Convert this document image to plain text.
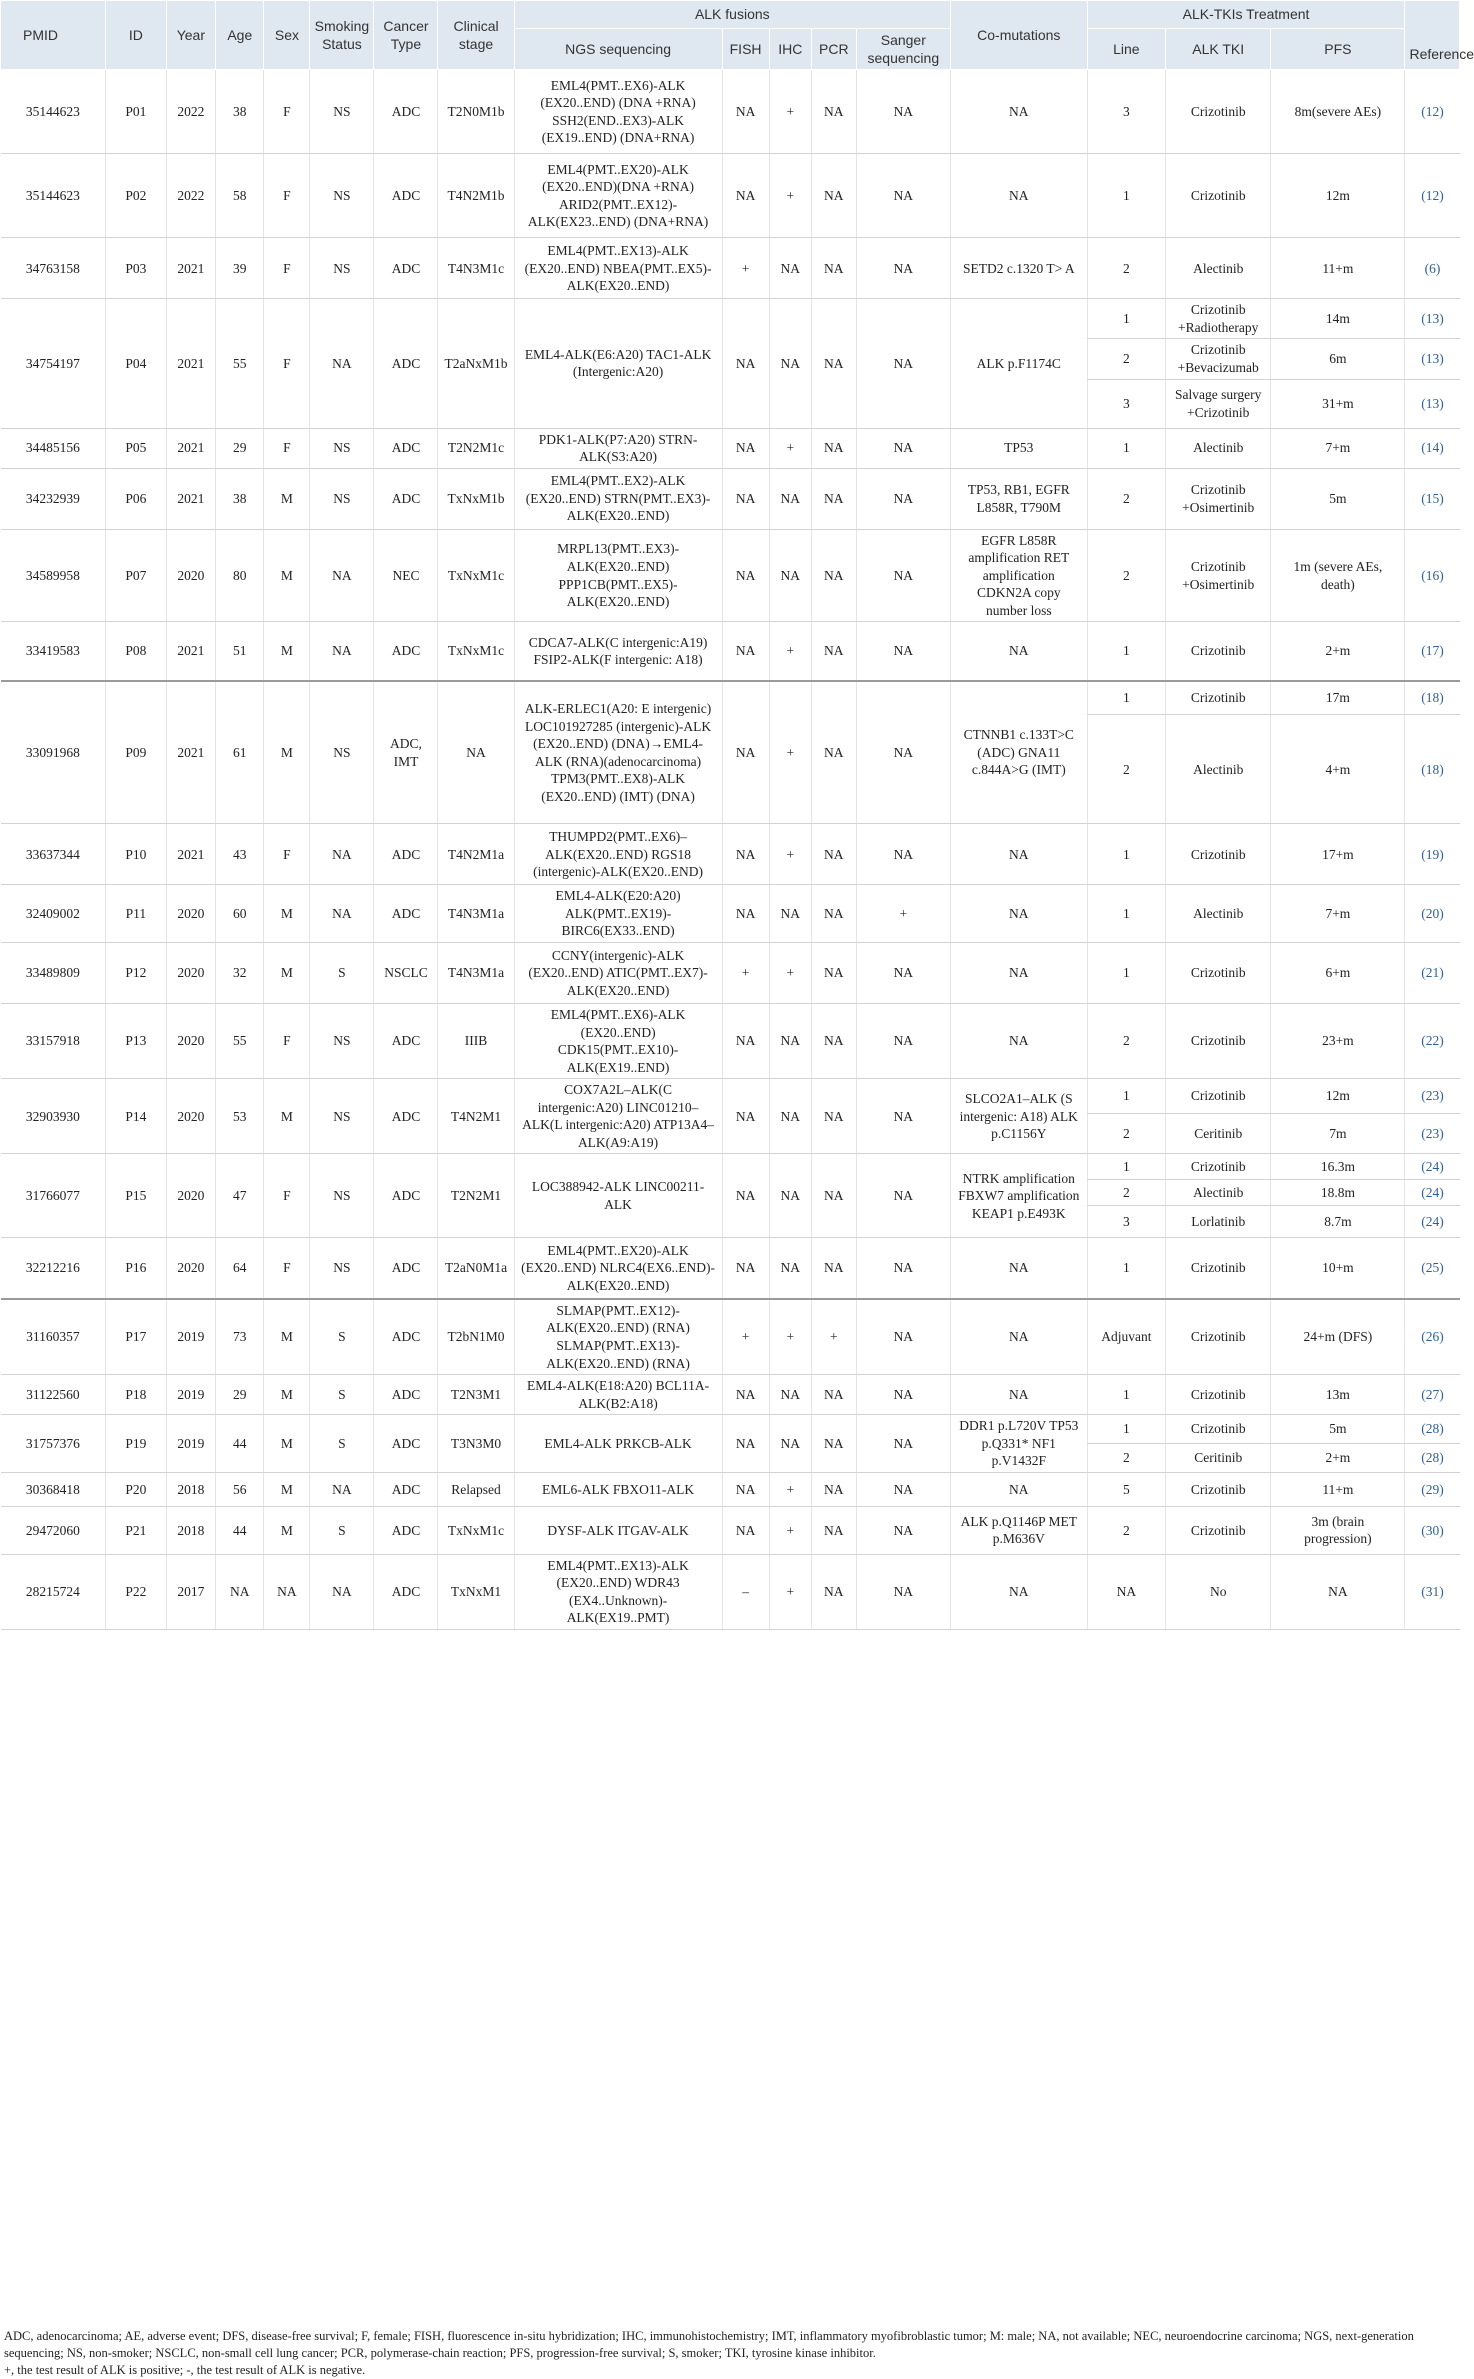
PMID	ID	Year	Age	Sex	Smoking Status	Cancer Type	Clinical stage	ALK fusions					Co-mutations	ALK-TKIs Treatment			Reference
								NGS sequencing	FISH	IHC	PCR	Sanger sequencing		Line	ALK TKI	PFS	
35144623	P01	2022	38	F	NS	ADC	T2N0M1b	EML4(PMT..EX6)-ALK (EX20..END) (DNA +RNA) SSH2(END..EX3)-ALK (EX19..END) (DNA+RNA)	NA	+	NA	NA	NA	3	Crizotinib	8m(severe AEs)	(12)
35144623	P02	2022	58	F	NS	ADC	T4N2M1b	EML4(PMT..EX20)-ALK (EX20..END)(DNA +RNA) ARID2(PMT..EX12)-ALK(EX23..END) (DNA+RNA)	NA	+	NA	NA	NA	1	Crizotinib	12m	(12)
34763158	P03	2021	39	F	NS	ADC	T4N3M1c	EML4(PMT..EX13)-ALK (EX20..END) NBEA(PMT..EX5)-ALK(EX20..END)	+	NA	NA	NA	SETD2 c.1320 T> A	2	Alectinib	11+m	(6)
34754197	P04	2021	55	F	NA	ADC	T2aNxM1b	EML4-ALK(E6:A20) TAC1-ALK (Intergenic:A20)	NA	NA	NA	NA	ALK p.F1174C	1	Crizotinib +Radiotherapy	14m	(13)
														2	Crizotinib +Bevacizumab	6m	(13)
														3	Salvage surgery +Crizotinib	31+m	(13)
34485156	P05	2021	29	F	NS	ADC	T2N2M1c	PDK1-ALK(P7:A20) STRN-ALK(S3:A20)	NA	+	NA	NA	TP53	1	Alectinib	7+m	(14)
34232939	P06	2021	38	M	NS	ADC	TxNxM1b	EML4(PMT..EX2)-ALK (EX20..END) STRN(PMT..EX3)-ALK(EX20..END)	NA	NA	NA	NA	TP53, RB1, EGFR L858R, T790M	2	Crizotinib +Osimertinib	5m	(15)
34589958	P07	2020	80	M	NA	NEC	TxNxM1c	MRPL13(PMT..EX3)-ALK(EX20..END) PPP1CB(PMT..EX5)-ALK(EX20..END)	NA	NA	NA	NA	EGFR L858R amplification RET amplification CDKN2A copy number loss	2	Crizotinib +Osimertinib	1m (severe AEs, death)	(16)
33419583	P08	2021	51	M	NA	ADC	TxNxM1c	CDCA7-ALK(C intergenic:A19) FSIP2-ALK(F intergenic: A18)	NA	+	NA	NA	NA	1	Crizotinib	2+m	(17)
33091968	P09	2021	61	M	NS	ADC, IMT	NA	ALK-ERLEC1(A20: E intergenic) LOC101927285 (intergenic)-ALK (EX20..END) (DNA)→EML4-ALK (RNA)(adenocarcinoma) TPM3(PMT..EX8)-ALK (EX20..END) (IMT) (DNA)	NA	+	NA	NA	CTNNB1 c.133T>C (ADC) GNA11 c.844A>G (IMT)	1	Crizotinib	17m	(18)
														2	Alectinib	4+m	(18)
33637344	P10	2021	43	F	NA	ADC	T4N2M1a	THUMPD2(PMT..EX6)–ALK(EX20..END) RGS18 (intergenic)-ALK(EX20..END)	NA	+	NA	NA	NA	1	Crizotinib	17+m	(19)
32409002	P11	2020	60	M	NA	ADC	T4N3M1a	EML4-ALK(E20:A20) ALK(PMT..EX19)-BIRC6(EX33..END)	NA	NA	NA	+	NA	1	Alectinib	7+m	(20)
33489809	P12	2020	32	M	S	NSCLC	T4N3M1a	CCNY(intergenic)-ALK (EX20..END) ATIC(PMT..EX7)-ALK(EX20..END)	+	+	NA	NA	NA	1	Crizotinib	6+m	(21)
33157918	P13	2020	55	F	NS	ADC	IIIB	EML4(PMT..EX6)-ALK (EX20..END) CDK15(PMT..EX10)-ALK(EX19..END)	NA	NA	NA	NA	NA	2	Crizotinib	23+m	(22)
32903930	P14	2020	53	M	NS	ADC	T4N2M1	COX7A2L–ALK(C intergenic:A20) LINC01210–ALK(L intergenic:A20) ATP13A4–ALK(A9:A19)	NA	NA	NA	NA	SLCO2A1–ALK (S intergenic: A18) ALK p.C1156Y	1	Crizotinib	12m	(23)
														2	Ceritinib	7m	(23)
31766077	P15	2020	47	F	NS	ADC	T2N2M1	LOC388942-ALK LINC00211-ALK	NA	NA	NA	NA	NTRK amplification FBXW7 amplification KEAP1 p.E493K	1	Crizotinib	16.3m	(24)
														2	Alectinib	18.8m	(24)
														3	Lorlatinib	8.7m	(24)
32212216	P16	2020	64	F	NS	ADC	T2aN0M1a	EML4(PMT..EX20)-ALK (EX20..END) NLRC4(EX6..END)-ALK(EX20..END)	NA	NA	NA	NA	NA	1	Crizotinib	10+m	(25)
31160357	P17	2019	73	M	S	ADC	T2bN1M0	SLMAP(PMT..EX12)-ALK(EX20..END) (RNA) SLMAP(PMT..EX13)-ALK(EX20..END) (RNA)	+	+	+	NA	NA	Adjuvant	Crizotinib	24+m (DFS)	(26)
31122560	P18	2019	29	M	S	ADC	T2N3M1	EML4-ALK(E18:A20) BCL11A-ALK(B2:A18)	NA	NA	NA	NA	NA	1	Crizotinib	13m	(27)
31757376	P19	2019	44	M	S	ADC	T3N3M0	EML4-ALK PRKCB-ALK	NA	NA	NA	NA	DDR1 p.L720V TP53 p.Q331* NF1 p.V1432F	1	Crizotinib	5m	(28)
														2	Ceritinib	2+m	(28)
30368418	P20	2018	56	M	NA	ADC	Relapsed	EML6-ALK FBXO11-ALK	NA	+	NA	NA	NA	5	Crizotinib	11+m	(29)
29472060	P21	2018	44	M	S	ADC	TxNxM1c	DYSF-ALK ITGAV-ALK	NA	+	NA	NA	ALK p.Q1146P MET p.M636V	2	Crizotinib	3m (brain progression)	(30)
28215724	P22	2017	NA	NA	NA	ADC	TxNxM1	EML4(PMT..EX13)-ALK (EX20..END) WDR43 (EX4..Unknown)-ALK(EX19..PMT)	–	+	NA	NA	NA	NA	No	NA	(31)

ADC, adenocarcinoma; AE, adverse event; DFS, disease-free survival; F, female; FISH, fluorescence in-situ hybridization; IHC, immunohistochemistry; IMT, inflammatory myofibroblastic tumor; M: male; NA, not available; NEC, neuroendocrine carcinoma; NGS, next-generation sequencing; NS, non-smoker; NSCLC, non-small cell lung cancer; PCR, polymerase-chain reaction; PFS, progression-free survival; S, smoker; TKI, tyrosine kinase inhibitor.

+, the test result of ALK is positive; -, the test result of ALK is negative.
